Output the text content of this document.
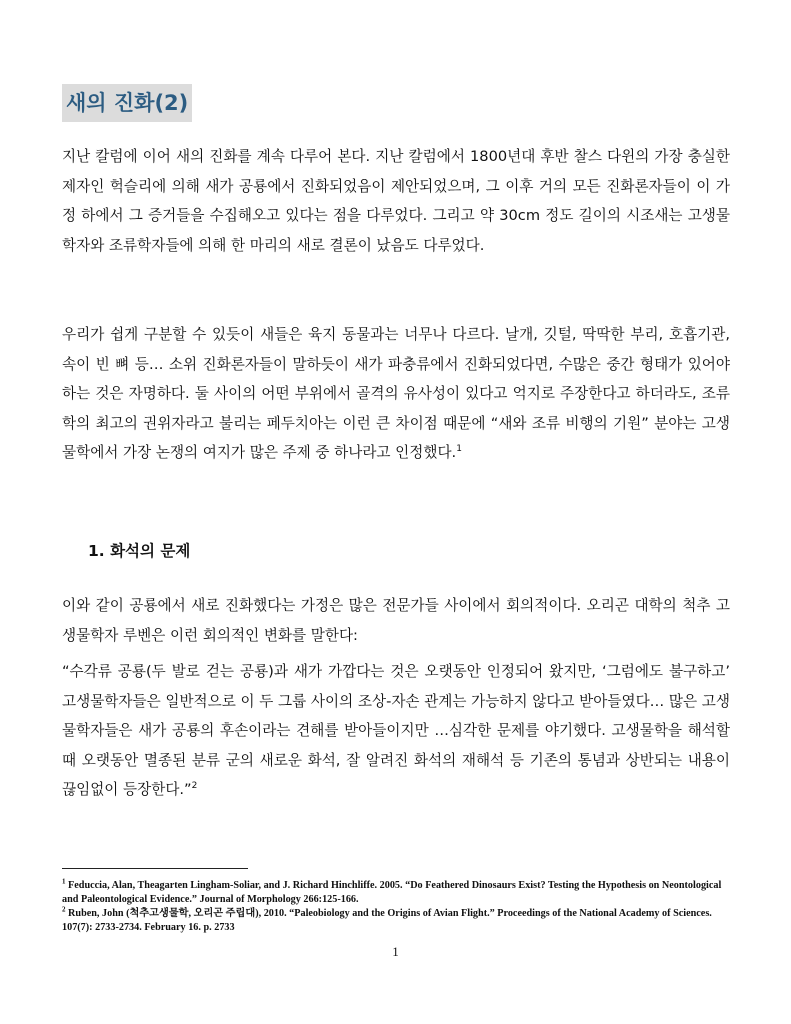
새의 진화(2)

지난 칼럼에 이어 새의 진화를 계속 다루어 본다. 지난 칼럼에서 1800년대 후반 찰스 다윈의 가장 충실한 제자인 헉슬리에 의해 새가 공룡에서 진화되었음이 제안되었으며, 그 이후 거의 모든 진화론자들이 이 가정 하에서 그 증거들을 수집해오고 있다는 점을 다루었다. 그리고 약 30cm 정도 길이의 시조새는 고생물학자와 조류학자들에 의해 한 마리의 새로 결론이 났음도 다루었다.

우리가 쉽게 구분할 수 있듯이 새들은 육지 동물과는 너무나 다르다. 날개, 깃털, 딱딱한 부리, 호흡기관, 속이 빈 뼈 등… 소위 진화론자들이 말하듯이 새가 파충류에서 진화되었다면, 수많은 중간 형태가 있어야 하는 것은 자명하다. 둘 사이의 어떤 부위에서 골격의 유사성이 있다고 억지로 주장한다고 하더라도, 조류학의 최고의 권위자라고 불리는 페두치아는 이런 큰 차이점 때문에 “새와 조류 비행의 기원” 분야는 고생물학에서 가장 논쟁의 여지가 많은 주제 중 하나라고 인정했다.$^1$

1. 화석의 문제

이와 같이 공룡에서 새로 진화했다는 가정은 많은 전문가들 사이에서 회의적이다. 오리곤 대학의 척추 고생물학자 루벤은 이런 회의적인 변화를 말한다:

“수각류 공룡(두 발로 걷는 공룡)과 새가 가깝다는 것은 오랫동안 인정되어 왔지만, ‘그럼에도 불구하고’ 고생물학자들은 일반적으로 이 두 그룹 사이의 조상-자손 관계는 가능하지 않다고 받아들였다… 많은 고생물학자들은 새가 공룡의 후손이라는 견해를 받아들이지만 …심각한 문제를 야기했다. 고생물학을 해석할 때 오랫동안 멸종된 분류 군의 새로운 화석, 잘 알려진 화석의 재해석 등 기존의 통념과 상반되는 내용이 끊임없이 등장한다.”$^2$

$^1$ Feduccia, Alan, Theagarten Lingham-Soliar, and J. Richard Hinchliffe. 2005. “Do Feathered Dinosaurs Exist? Testing the Hypothesis on Neontological and Paleontological Evidence.” Journal of Morphology 266:125-166.

$^2$ Ruben, John (척추고생물학, 오리곤 주립대), 2010. “Paleobiology and the Origins of Avian Flight.” Proceedings of the National Academy of Sciences. 107(7): 2733-2734. February 16. p. 2733

1
